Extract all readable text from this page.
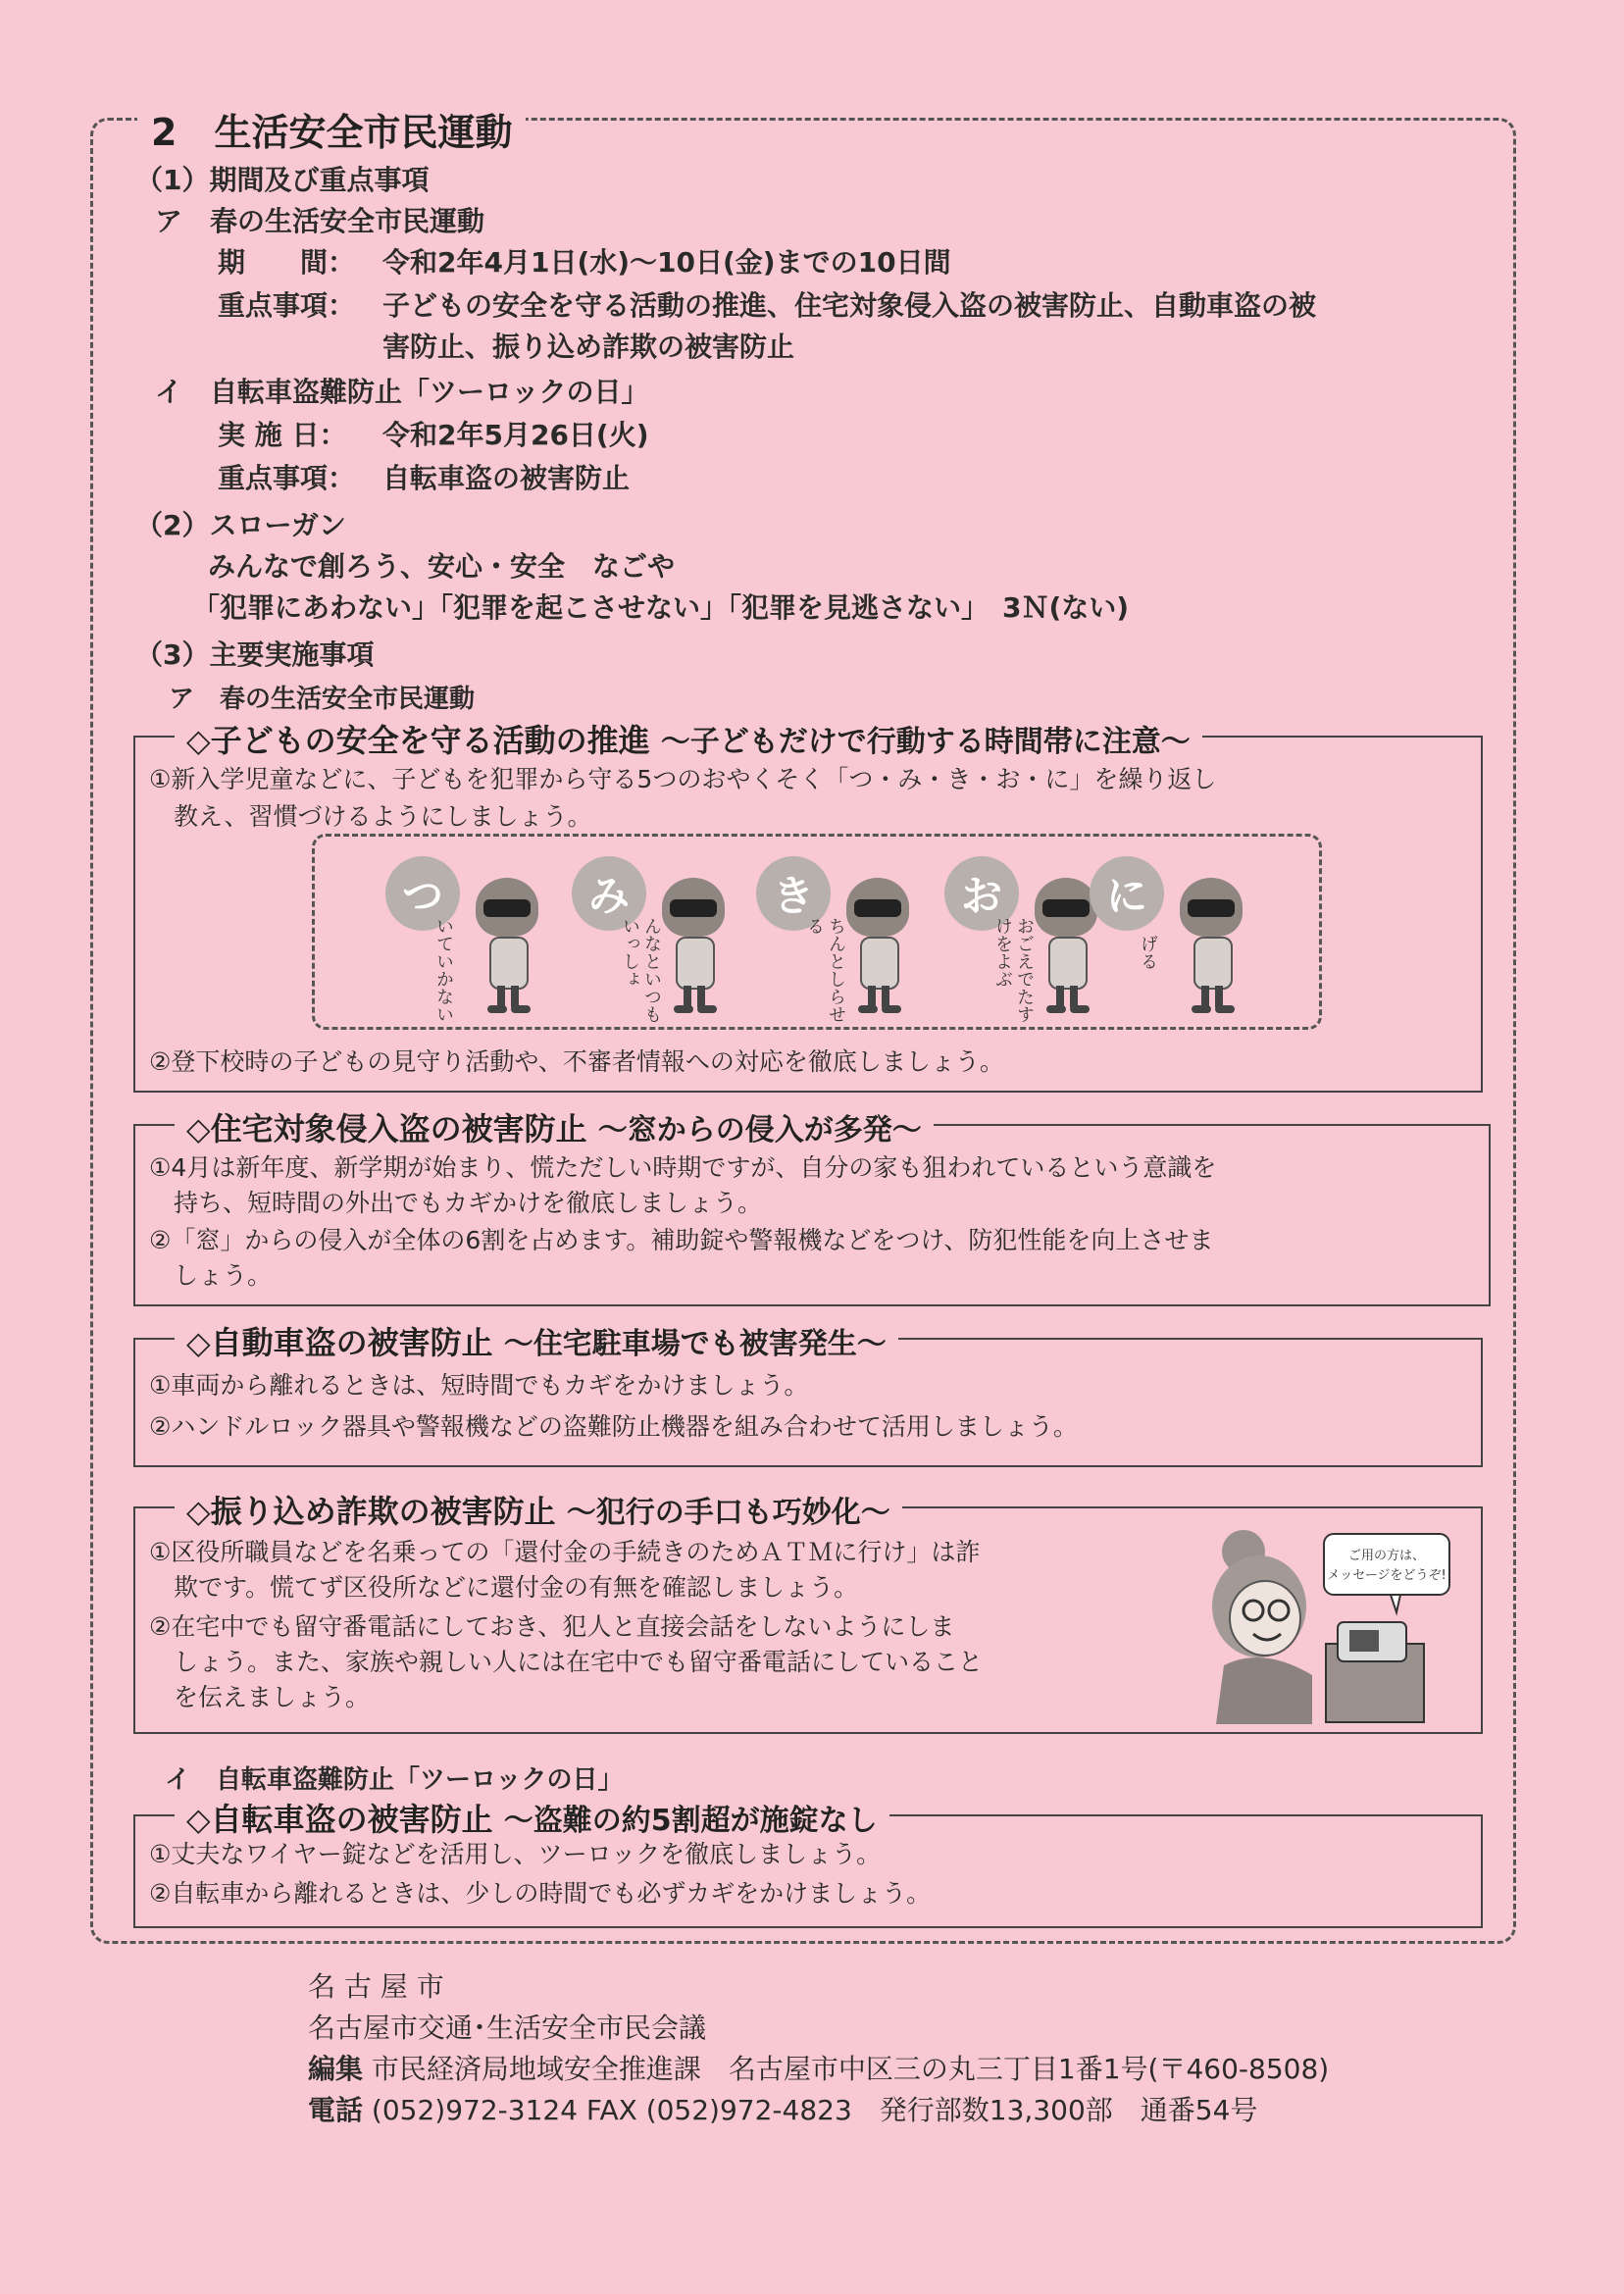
2　生活安全市民運動
（1）期間及び重点事項
ア　春の生活安全市民運動
期　　間： 令和2年4月1日(水)～10日(金)までの10日間
重点事項： 子どもの安全を守る活動の推進、住宅対象侵入盗の被害防止、自動車盗の被
害防止、振り込め詐欺の被害防止
イ　自転車盗難防止「ツーロックの日」
実 施 日： 令和2年5月26日(火)
重点事項： 自転車盗の被害防止
（2）スローガン
みんなで創ろう、安心・安全　なごや
「犯罪にあわない」「犯罪を起こさせない」「犯罪を見逃さない」　3Ｎ(ない)
（3）主要実施事項
ア　春の生活安全市民運動
◇子どもの安全を守る活動の推進 ～子どもだけで行動する時間帯に注意～
①新入学児童などに、子どもを犯罪から守る5つのおやくそく「つ・み・き・お・に」を繰り返し
　教え、習慣づけるようにしましょう。
②登下校時の子どもの見守り活動や、不審者情報への対応を徹底しましょう。
つ
いていかない
み
んなといつもいっしょ
き
ちんとしらせる
お
おごえでたすけをよぶ
に
げる
◇住宅対象侵入盗の被害防止 ～窓からの侵入が多発～
①4月は新年度、新学期が始まり、慌ただしい時期ですが、自分の家も狙われているという意識を
　持ち、短時間の外出でもカギかけを徹底しましょう。
②「窓」からの侵入が全体の6割を占めます。補助錠や警報機などをつけ、防犯性能を向上させま
　しょう。
◇自動車盗の被害防止 ～住宅駐車場でも被害発生～
①車両から離れるときは、短時間でもカギをかけましょう。
②ハンドルロック器具や警報機などの盗難防止機器を組み合わせて活用しましょう。
◇振り込め詐欺の被害防止 ～犯行の手口も巧妙化～
①区役所職員などを名乗っての「還付金の手続きのためＡＴＭに行け」は詐
　欺です。慌てず区役所などに還付金の有無を確認しましょう。
②在宅中でも留守番電話にしておき、犯人と直接会話をしないようにしま
　しょう。また、家族や親しい人には在宅中でも留守番電話にしていること
　を伝えましょう。
ご用の方は、
メッセージをどうぞ!
イ　自転車盗難防止「ツーロックの日」
◇自転車盗の被害防止 ～盗難の約5割超が施錠なし
①丈夫なワイヤー錠などを活用し、ツーロックを徹底しましょう。
②自転車から離れるときは、少しの時間でも必ずカギをかけましょう。
名 古 屋 市
名古屋市交通･生活安全市民会議
編集 市民経済局地域安全推進課　名古屋市中区三の丸三丁目1番1号(〒460-8508)
電話 (052)972-3124 FAX (052)972-4823　発行部数13,300部　通番54号
